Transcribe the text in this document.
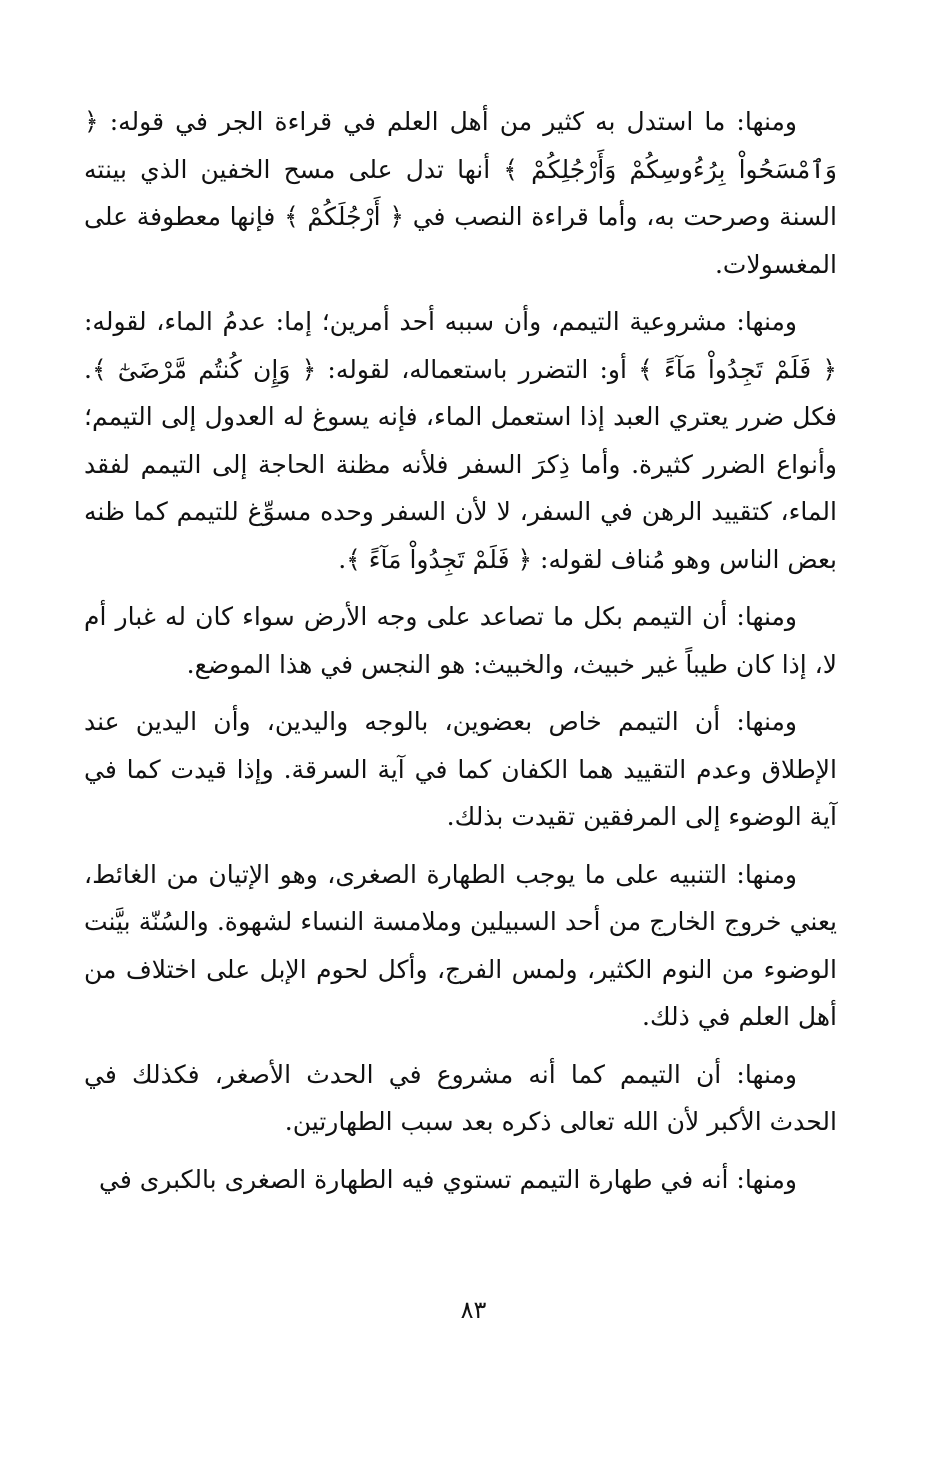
ومنها: ما استدل به كثير من أهل العلم في قراءة الجر في قوله: ﴿ وَٱمْسَحُواْ بِرُءُوسِكُمْ وَأَرْجُلِكُمْ ﴾ أنها تدل على مسح الخفين الذي بينته السنة وصرحت به، وأما قراءة النصب في ﴿ أَرْجُلَكُمْ ﴾ فإنها معطوفة على المغسولات.

ومنها: مشروعية التيمم، وأن سببه أحد أمرين؛ إما: عدمُ الماء، لقوله: ﴿ فَلَمْ تَجِدُواْ مَآءً ﴾ أو: التضرر باستعماله، لقوله: ﴿ وَإِن كُنتُم مَّرْضَىٰٓ ﴾. فكل ضرر يعتري العبد إذا استعمل الماء، فإنه يسوغ له العدول إلى التيمم؛ وأنواع الضرر كثيرة. وأما ذِكرَ السفر فلأنه مظنة الحاجة إلى التيمم لفقد الماء، كتقييد الرهن في السفر، لا لأن السفر وحده مسوِّغ للتيمم كما ظنه بعض الناس وهو مُناف لقوله: ﴿ فَلَمْ تَجِدُواْ مَآءً ﴾.

ومنها: أن التيمم بكل ما تصاعد على وجه الأرض سواء كان له غبار أم لا، إذا كان طيباً غير خبيث، والخبيث: هو النجس في هذا الموضع.

ومنها: أن التيمم خاص بعضوين، بالوجه واليدين، وأن اليدين عند الإطلاق وعدم التقييد هما الكفان كما في آية السرقة. وإذا قيدت كما في آية الوضوء إلى المرفقين تقيدت بذلك.

ومنها: التنبيه على ما يوجب الطهارة الصغرى، وهو الإتيان من الغائط، يعني خروج الخارج من أحد السبيلين وملامسة النساء لشهوة. والسُنّة بيَّنت الوضوء من النوم الكثير، ولمس الفرج، وأكل لحوم الإبل على اختلاف من أهل العلم في ذلك.

ومنها: أن التيمم كما أنه مشروع في الحدث الأصغر، فكذلك في الحدث الأكبر لأن الله تعالى ذكره بعد سبب الطهارتين.

ومنها: أنه في طهارة التيمم تستوي فيه الطهارة الصغرى بالكبرى في

٨٣
